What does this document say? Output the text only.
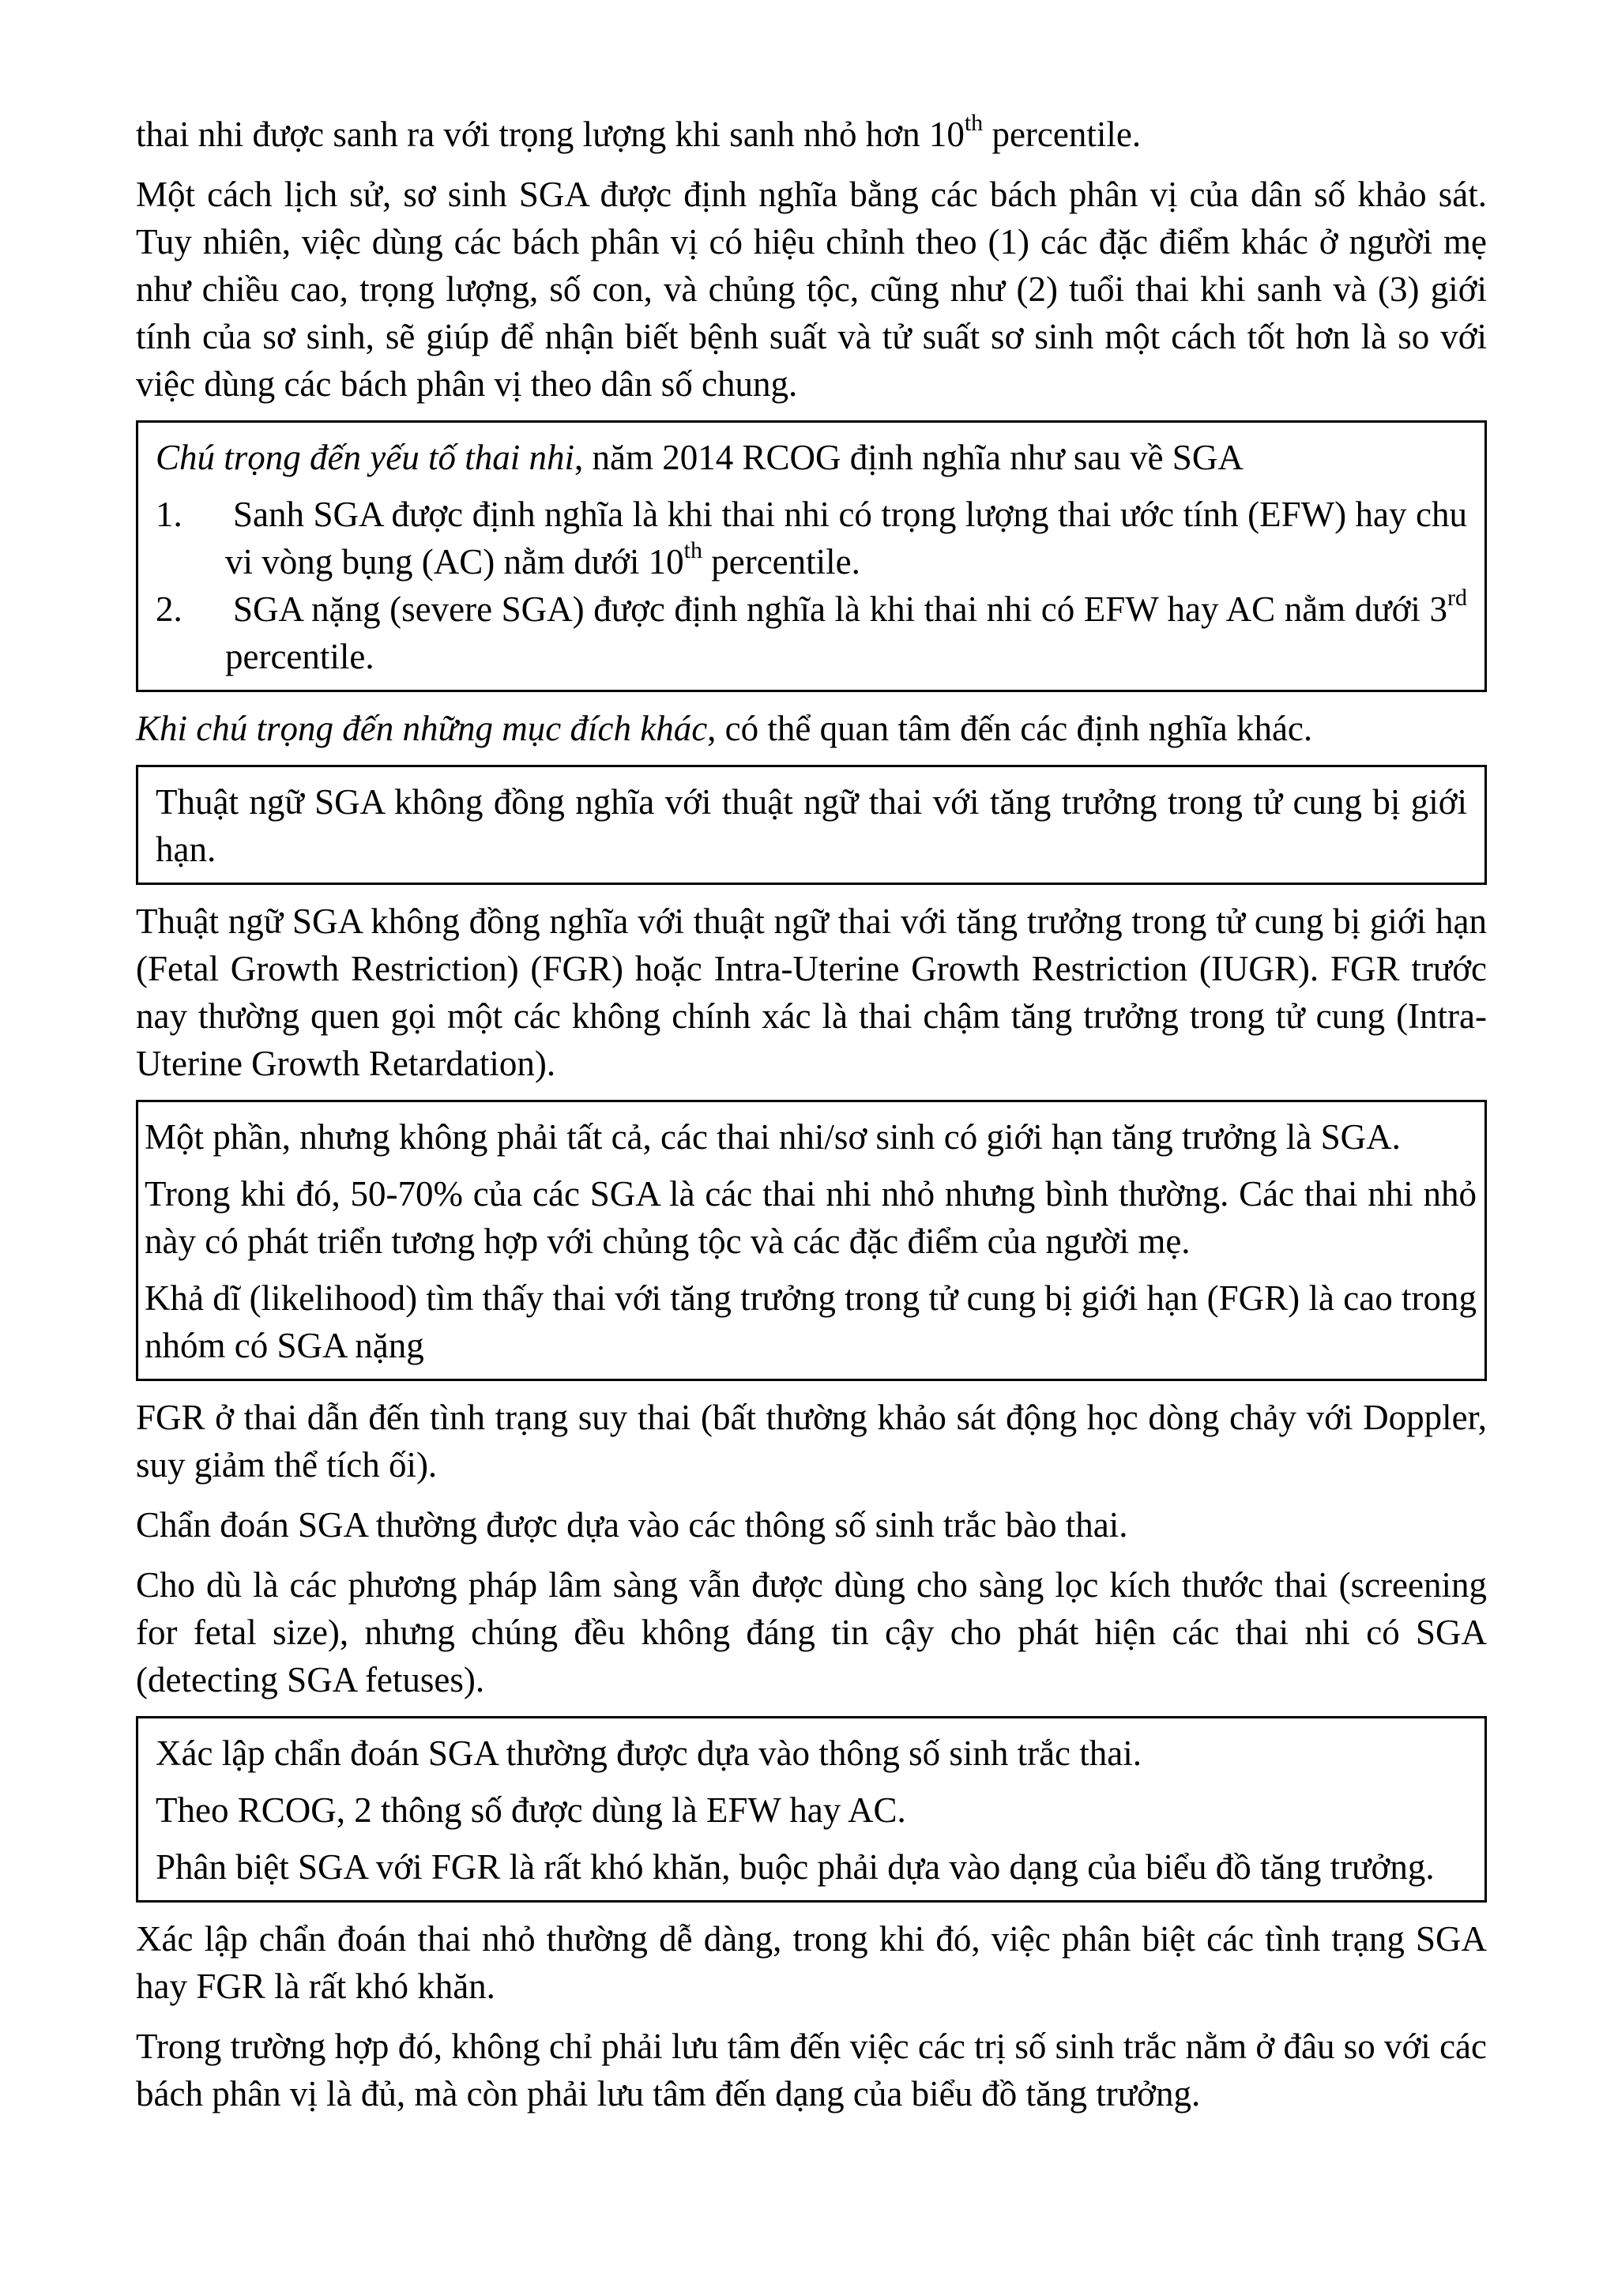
thai nhi được sanh ra với trọng lượng khi sanh nhỏ hơn 10th percentile.

Một cách lịch sử, sơ sinh SGA được định nghĩa bằng các bách phân vị của dân số khảo sát. Tuy nhiên, việc dùng các bách phân vị có hiệu chỉnh theo (1) các đặc điểm khác ở người mẹ như chiều cao, trọng lượng, số con, và chủng tộc, cũng như (2) tuổi thai khi sanh và (3) giới tính của sơ sinh, sẽ giúp để nhận biết bệnh suất và tử suất sơ sinh một cách tốt hơn là so với việc dùng các bách phân vị theo dân số chung.

Chú trọng đến yếu tố thai nhi, năm 2014 RCOG định nghĩa như sau về SGA

1. Sanh SGA được định nghĩa là khi thai nhi có trọng lượng thai ước tính (EFW) hay chu vi vòng bụng (AC) nằm dưới 10th percentile.
2. SGA nặng (severe SGA) được định nghĩa là khi thai nhi có EFW hay AC nằm dưới 3rd percentile.

Khi chú trọng đến những mục đích khác, có thể quan tâm đến các định nghĩa khác.

Thuật ngữ SGA không đồng nghĩa với thuật ngữ thai với tăng trưởng trong tử cung bị giới hạn.

Thuật ngữ SGA không đồng nghĩa với thuật ngữ thai với tăng trưởng trong tử cung bị giới hạn (Fetal Growth Restriction) (FGR) hoặc Intra-Uterine Growth Restriction (IUGR). FGR trước nay thường quen gọi một các không chính xác là thai chậm tăng trưởng trong tử cung (Intra-Uterine Growth Retardation).

Một phần, nhưng không phải tất cả, các thai nhi/sơ sinh có giới hạn tăng trưởng là SGA.

Trong khi đó, 50-70% của các SGA là các thai nhi nhỏ nhưng bình thường. Các thai nhi nhỏ này có phát triển tương hợp với chủng tộc và các đặc điểm của người mẹ.

Khả dĩ (likelihood) tìm thấy thai với tăng trưởng trong tử cung bị giới hạn (FGR) là cao trong nhóm có SGA nặng

FGR ở thai dẫn đến tình trạng suy thai (bất thường khảo sát động học dòng chảy với Doppler, suy giảm thể tích ối).

Chẩn đoán SGA thường được dựa vào các thông số sinh trắc bào thai.

Cho dù là các phương pháp lâm sàng vẫn được dùng cho sàng lọc kích thước thai (screening for fetal size), nhưng chúng đều không đáng tin cậy cho phát hiện các thai nhi có SGA (detecting SGA fetuses).

Xác lập chẩn đoán SGA thường được dựa vào thông số sinh trắc thai.

Theo RCOG, 2 thông số được dùng là EFW hay AC.

Phân biệt SGA với FGR là rất khó khăn, buộc phải dựa vào dạng của biểu đồ tăng trưởng.

Xác lập chẩn đoán thai nhỏ thường dễ dàng, trong khi đó, việc phân biệt các tình trạng SGA hay FGR là rất khó khăn.

Trong trường hợp đó, không chỉ phải lưu tâm đến việc các trị số sinh trắc nằm ở đâu so với các bách phân vị là đủ, mà còn phải lưu tâm đến dạng của biểu đồ tăng trưởng.
